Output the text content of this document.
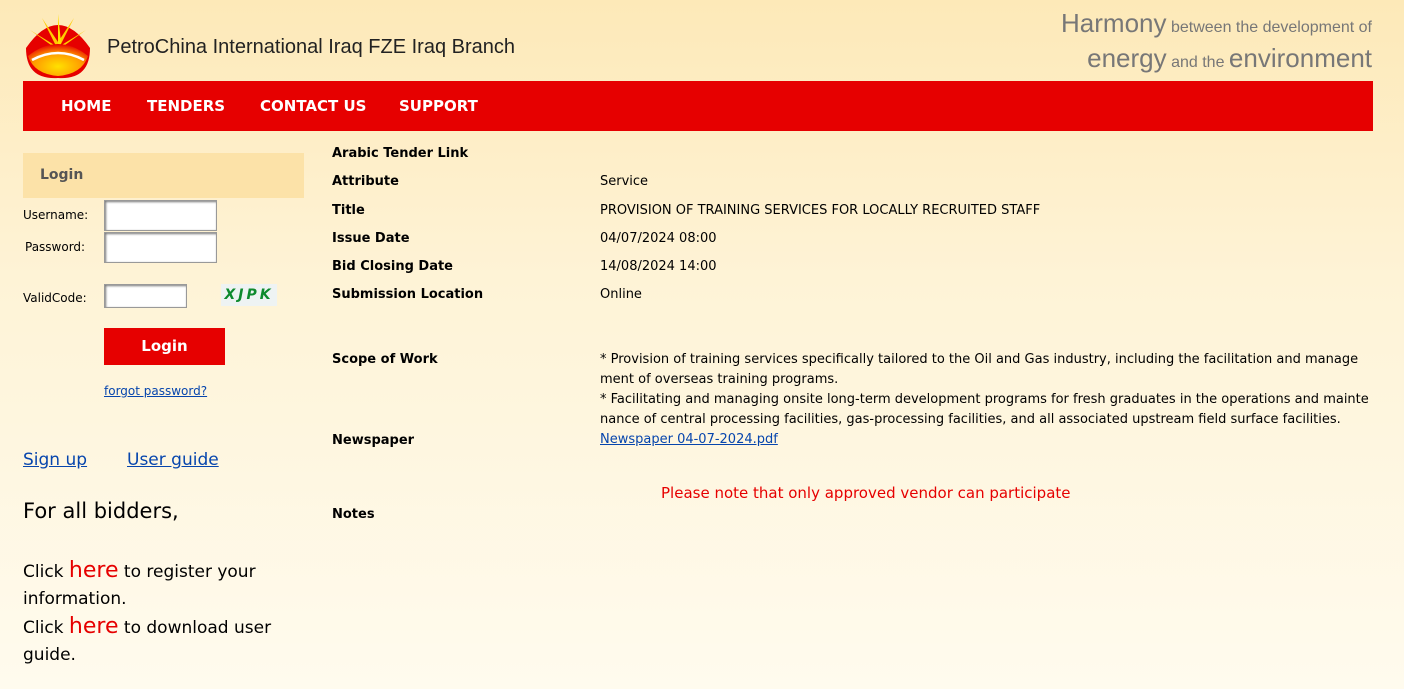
PetroChina International Iraq FZE Iraq Branch
Harmony between the development of
energy and the environment
HOME TENDERS CONTACT US SUPPORT
Login
Username:
Password:
ValidCode:	XJPK
Login
forgot password?
Sign up User guide
For all bidders,
Click here to register your information.
Click here to download user guide.
Arabic Tender Link
Attribute	Service
Title	PROVISION OF TRAINING SERVICES FOR LOCALLY RECRUITED STAFF
Issue Date	04/07/2024 08:00
Bid Closing Date	14/08/2024 14:00
Submission Location	Online
Scope of Work	* Provision of training services specifically tailored to the Oil and Gas industry, including the facilitation and management of overseas training programs.
* Facilitating and managing onsite long-term development programs for fresh graduates in the operations and maintenance of central processing facilities, gas-processing facilities, and all associated upstream field surface facilities.
Newspaper	Newspaper 04-07-2024.pdf
Please note that only approved vendor can participate
Notes
